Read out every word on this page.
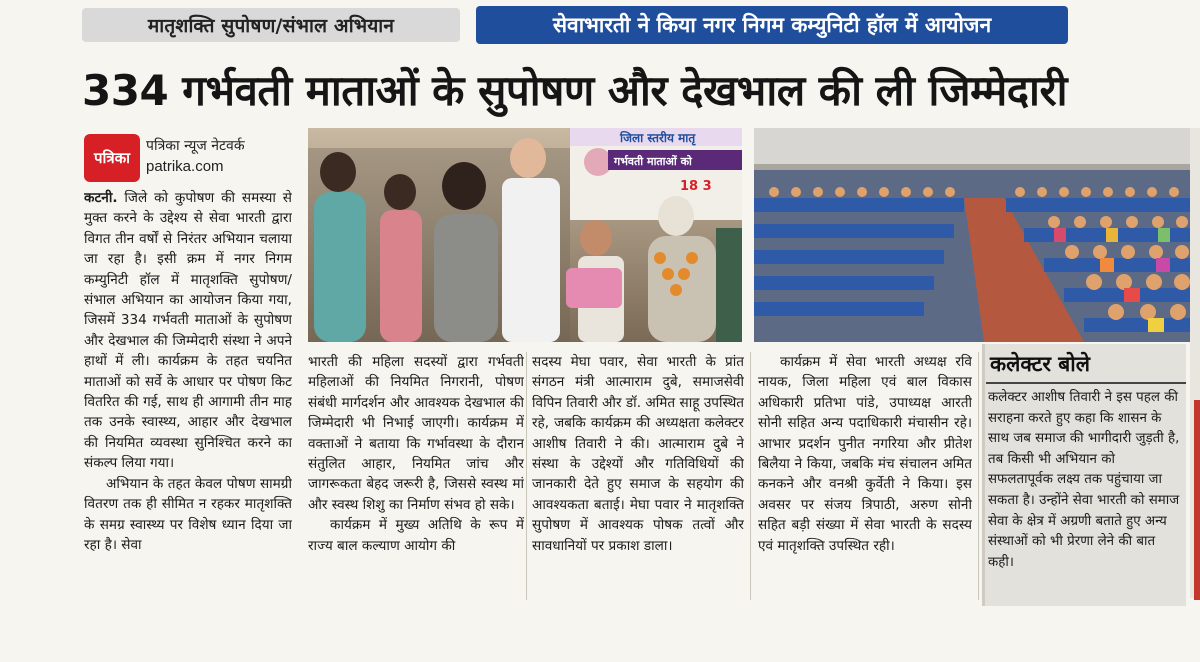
मातृशक्ति सुपोषण/संभाल अभियान	सेवाभारती ने किया नगर निगम कम्युनिटी हॉल में आयोजन
334 गर्भवती माताओं के सुपोषण और देखभाल की ली जिम्मेदारी
पत्रिका
पत्रिका न्यूज नेटवर्क
patrika.com

कटनी. जिले को कुपोषण की समस्या से मुक्त करने के उद्देश्य से सेवा भारती द्वारा विगत तीन वर्षों से निरंतर अभियान चलाया जा रहा है। इसी क्रम में नगर निगम कम्युनिटी हॉल में मातृशक्ति सुपोषण/संभाल अभियान का आयोजन किया गया, जिसमें 334 गर्भवती माताओं के सुपोषण और देखभाल की जिम्मेदारी संस्था ने अपने हाथों में ली। कार्यक्रम के तहत चयनित माताओं को सर्वे के आधार पर पोषण किट वितरित की गई, साथ ही आगामी तीन माह तक उनके स्वास्थ्य, आहार और देखभाल की नियमित व्यवस्था सुनिश्चित करने का संकल्प लिया गया।

अभियान के तहत केवल पोषण सामग्री वितरण तक ही सीमित न रहकर मातृशक्ति के समग्र स्वास्थ्य पर विशेष ध्यान दिया जा रहा है। सेवा

जिला स्तरीय मातृ
गर्भवती माताओं को
18 3

भारती की महिला सदस्यों द्वारा गर्भवती महिलाओं की नियमित निगरानी, पोषण संबंधी मार्गदर्शन और आवश्यक देखभाल की जिम्मेदारी भी निभाई जाएगी। कार्यक्रम में वक्ताओं ने बताया कि गर्भावस्था के दौरान संतुलित आहार, नियमित जांच और जागरूकता बेहद जरूरी है, जिससे स्वस्थ मां और स्वस्थ शिशु का निर्माण संभव हो सके।

कार्यक्रम में मुख्य अतिथि के रूप में राज्य बाल कल्याण आयोग की

सदस्य मेघा पवार, सेवा भारती के प्रांत संगठन मंत्री आत्माराम दुबे, समाजसेवी विपिन तिवारी और डॉ. अमित साहू उपस्थित रहे, जबकि कार्यक्रम की अध्यक्षता कलेक्टर आशीष तिवारी ने की। आत्माराम दुबे ने संस्था के उद्देश्यों और गतिविधियों की जानकारी देते हुए समाज के सहयोग की आवश्यकता बताई। मेघा पवार ने मातृशक्ति सुपोषण में आवश्यक पोषक तत्वों और सावधानियों पर प्रकाश डाला।

कार्यक्रम में सेवा भारती अध्यक्ष रवि नायक, जिला महिला एवं बाल विकास अधिकारी प्रतिभा पांडे, उपाध्यक्ष आरती सोनी सहित अन्य पदाधिकारी मंचासीन रहे। आभार प्रदर्शन पुनीत नगरिया और प्रीतेश बिलैया ने किया, जबकि मंच संचालन अमित कनकने और वनश्री कुर्वेती ने किया। इस अवसर पर संजय त्रिपाठी, अरुण सोनी सहित बड़ी संख्या में सेवा भारती के सदस्य एवं मातृशक्ति उपस्थित रही।

कलेक्टर बोले
कलेक्टर आशीष तिवारी ने इस पहल की सराहना करते हुए कहा कि शासन के साथ जब समाज की भागीदारी जुड़ती है, तब किसी भी अभियान को सफलतापूर्वक लक्ष्य तक पहुंचाया जा सकता है। उन्होंने सेवा भारती को समाज सेवा के क्षेत्र में अग्रणी बताते हुए अन्य संस्थाओं को भी प्रेरणा लेने की बात कही।
